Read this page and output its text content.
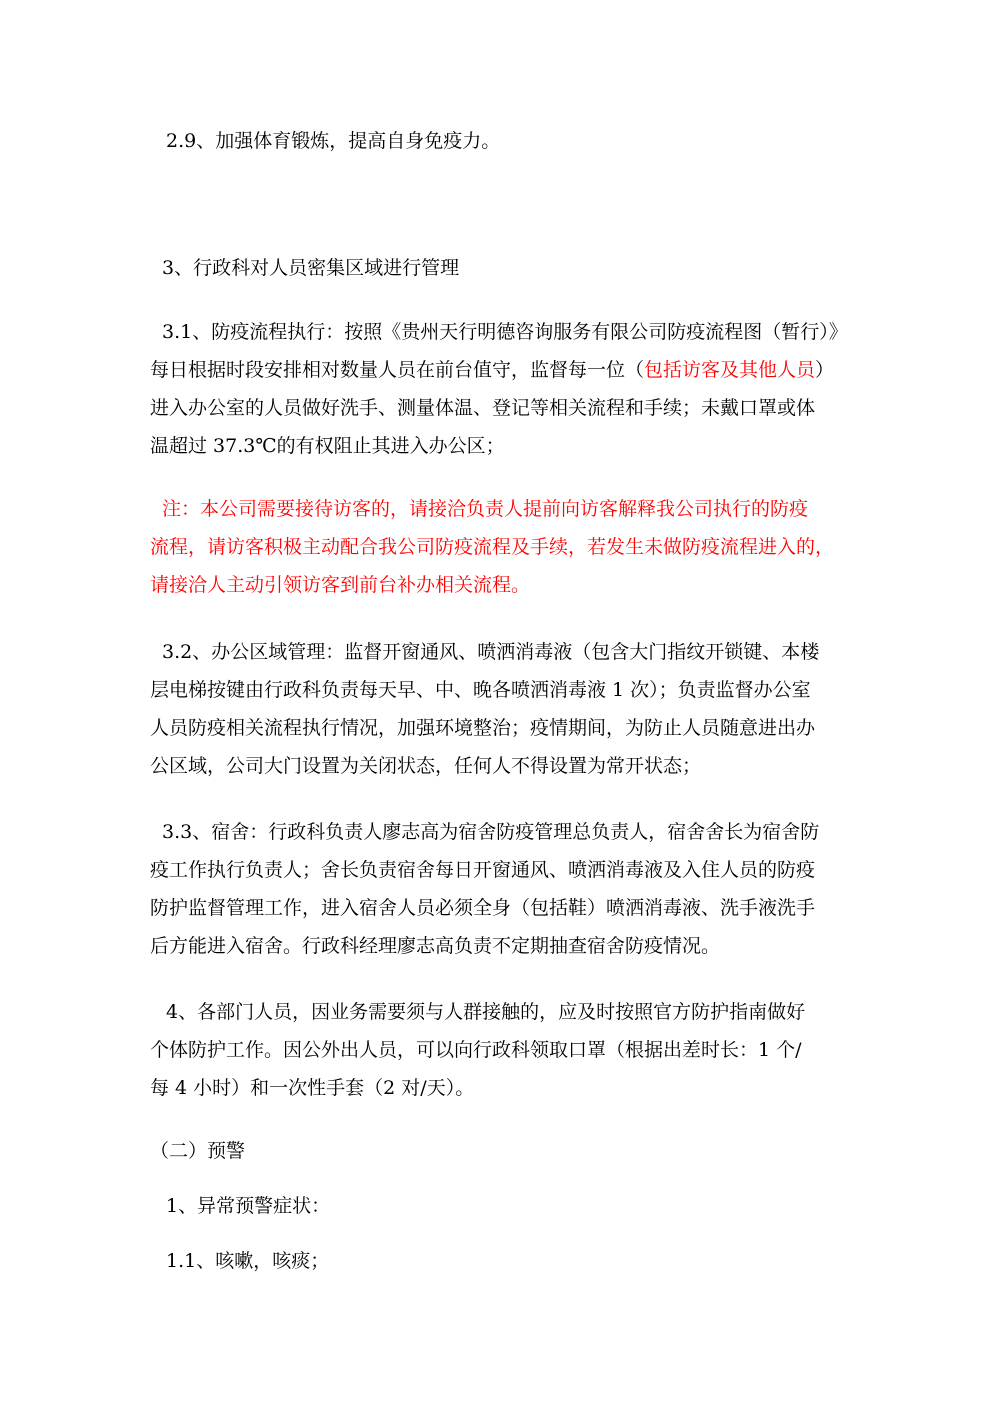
2.9、加强体育锻炼，提高自身免疫力。

3、行政科对人员密集区域进行管理

3.1、防疫流程执行：按照《贵州天行明德咨询服务有限公司防疫流程图（暂行）》
每日根据时段安排相对数量人员在前台值守，监督每一位（包括访客及其他人员）
进入办公室的人员做好洗手、测量体温、登记等相关流程和手续；未戴口罩或体
温超过 37.3℃的有权阻止其进入办公区；

注：本公司需要接待访客的，请接洽负责人提前向访客解释我公司执行的防疫
流程，请访客积极主动配合我公司防疫流程及手续，若发生未做防疫流程进入的，
请接洽人主动引领访客到前台补办相关流程。

3.2、办公区域管理：监督开窗通风、喷洒消毒液（包含大门指纹开锁键、本楼
层电梯按键由行政科负责每天早、中、晚各喷洒消毒液 1 次）；负责监督办公室
人员防疫相关流程执行情况，加强环境整治；疫情期间，为防止人员随意进出办
公区域，公司大门设置为关闭状态，任何人不得设置为常开状态；

3.3、宿舍：行政科负责人廖志高为宿舍防疫管理总负责人，宿舍舍长为宿舍防
疫工作执行负责人；舍长负责宿舍每日开窗通风、喷洒消毒液及入住人员的防疫
防护监督管理工作，进入宿舍人员必须全身（包括鞋）喷洒消毒液、洗手液洗手
后方能进入宿舍。行政科经理廖志高负责不定期抽查宿舍防疫情况。

4、各部门人员，因业务需要须与人群接触的，应及时按照官方防护指南做好
个体防护工作。因公外出人员，可以向行政科领取口罩（根据出差时长：1 个/
每 4 小时）和一次性手套（2 对/天）。

（二）预警

1、异常预警症状：

1.1、咳嗽，咳痰；
